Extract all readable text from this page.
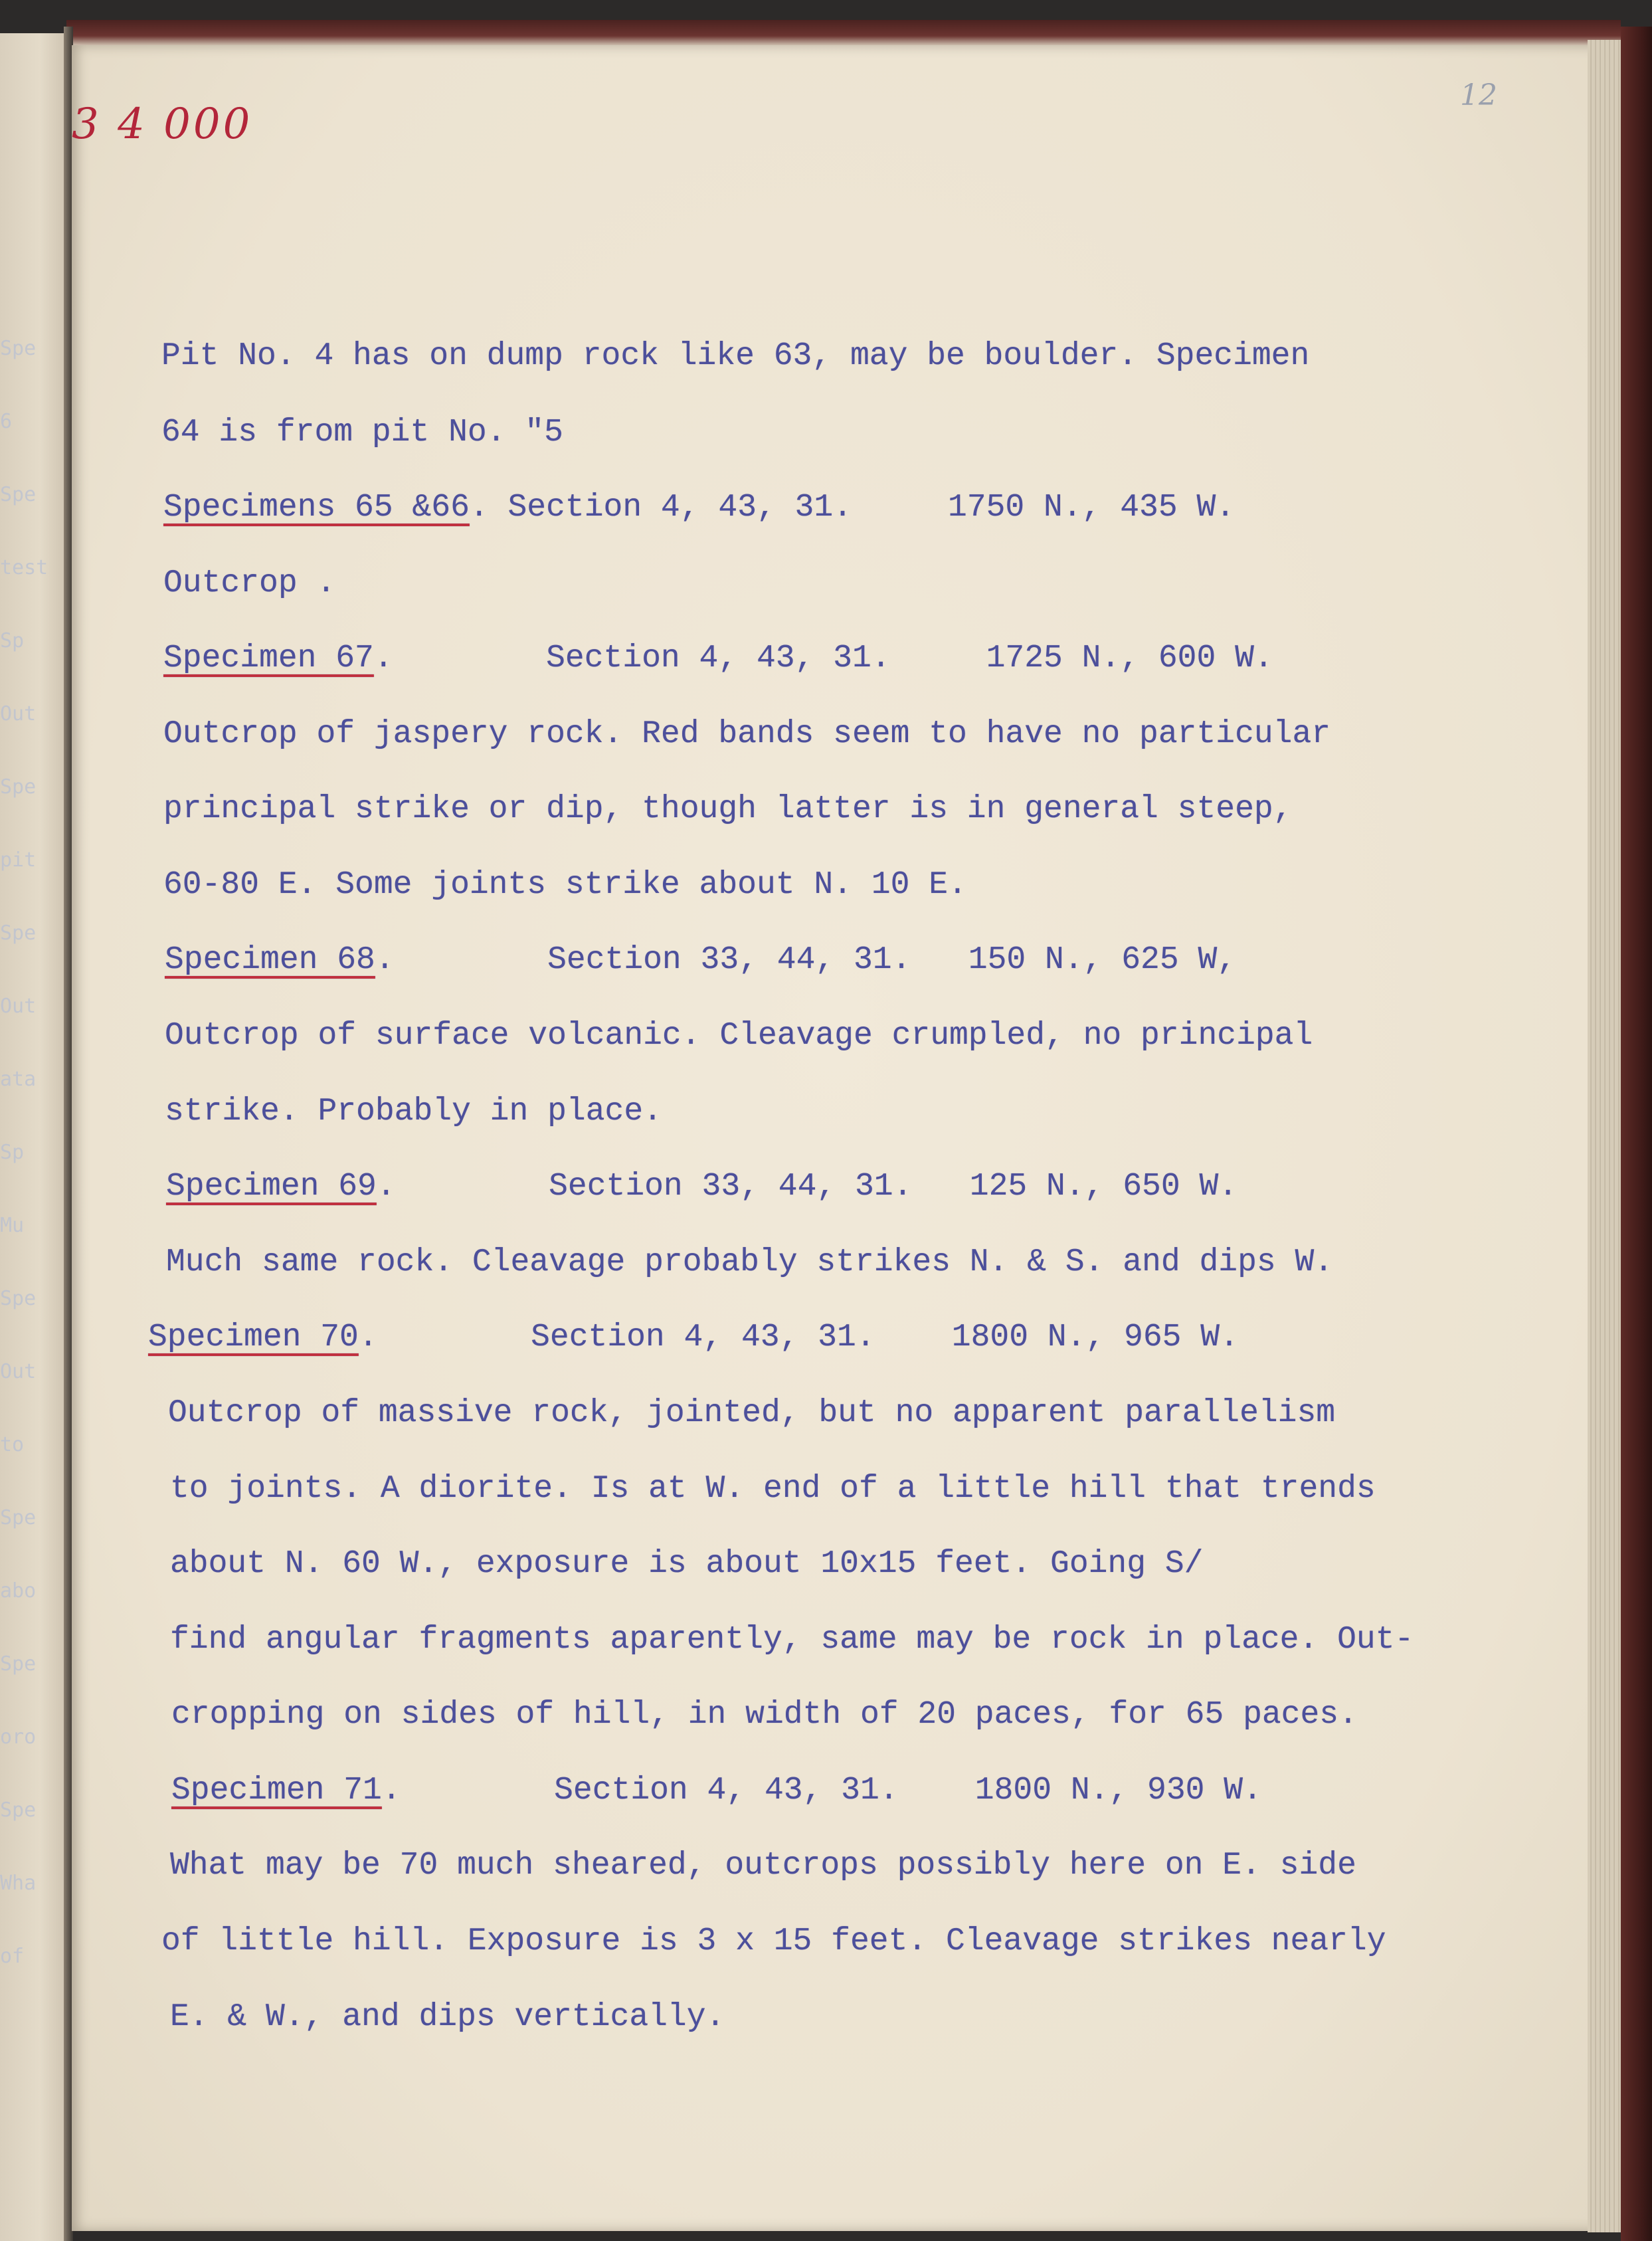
Spe
6
Spe
test
Sp
Out
Spe
pit
Spe
Out
ata
Sp
Mu
Spe
Out
to
Spe
abo
Spe
oro
Spe
Wha
of
3 4 000
12
Pit No. 4 has on dump rock like 63, may be boulder. Specimen
64 is from pit No. "5
Specimens 65 &66. Section 4, 43, 31.     1750 N., 435 W.
Outcrop .
Specimen 67.        Section 4, 43, 31.     1725 N., 600 W.
Outcrop of jaspery rock. Red bands seem to have no particular
principal strike or dip, though latter is in general steep,
60-80 E. Some joints strike about N. 10 E.
Specimen 68.        Section 33, 44, 31.   150 N., 625 W,
Outcrop of surface volcanic. Cleavage crumpled, no principal
strike. Probably in place.
Specimen 69.        Section 33, 44, 31.   125 N., 650 W.
Much same rock. Cleavage probably strikes N. & S. and dips W.
Specimen 70.        Section 4, 43, 31.    1800 N., 965 W.
Outcrop of massive rock, jointed, but no apparent parallelism
to joints. A diorite. Is at W. end of a little hill that trends
about N. 60 W., exposure is about 10x15 feet. Going S/
find angular fragments aparently, same may be rock in place. Out-
cropping on sides of hill, in width of 20 paces, for 65 paces.
Specimen 71.        Section 4, 43, 31.    1800 N., 930 W.
What may be 70 much sheared, outcrops possibly here on E. side
of little hill. Exposure is 3 x 15 feet. Cleavage strikes nearly
E. & W., and dips vertically.
